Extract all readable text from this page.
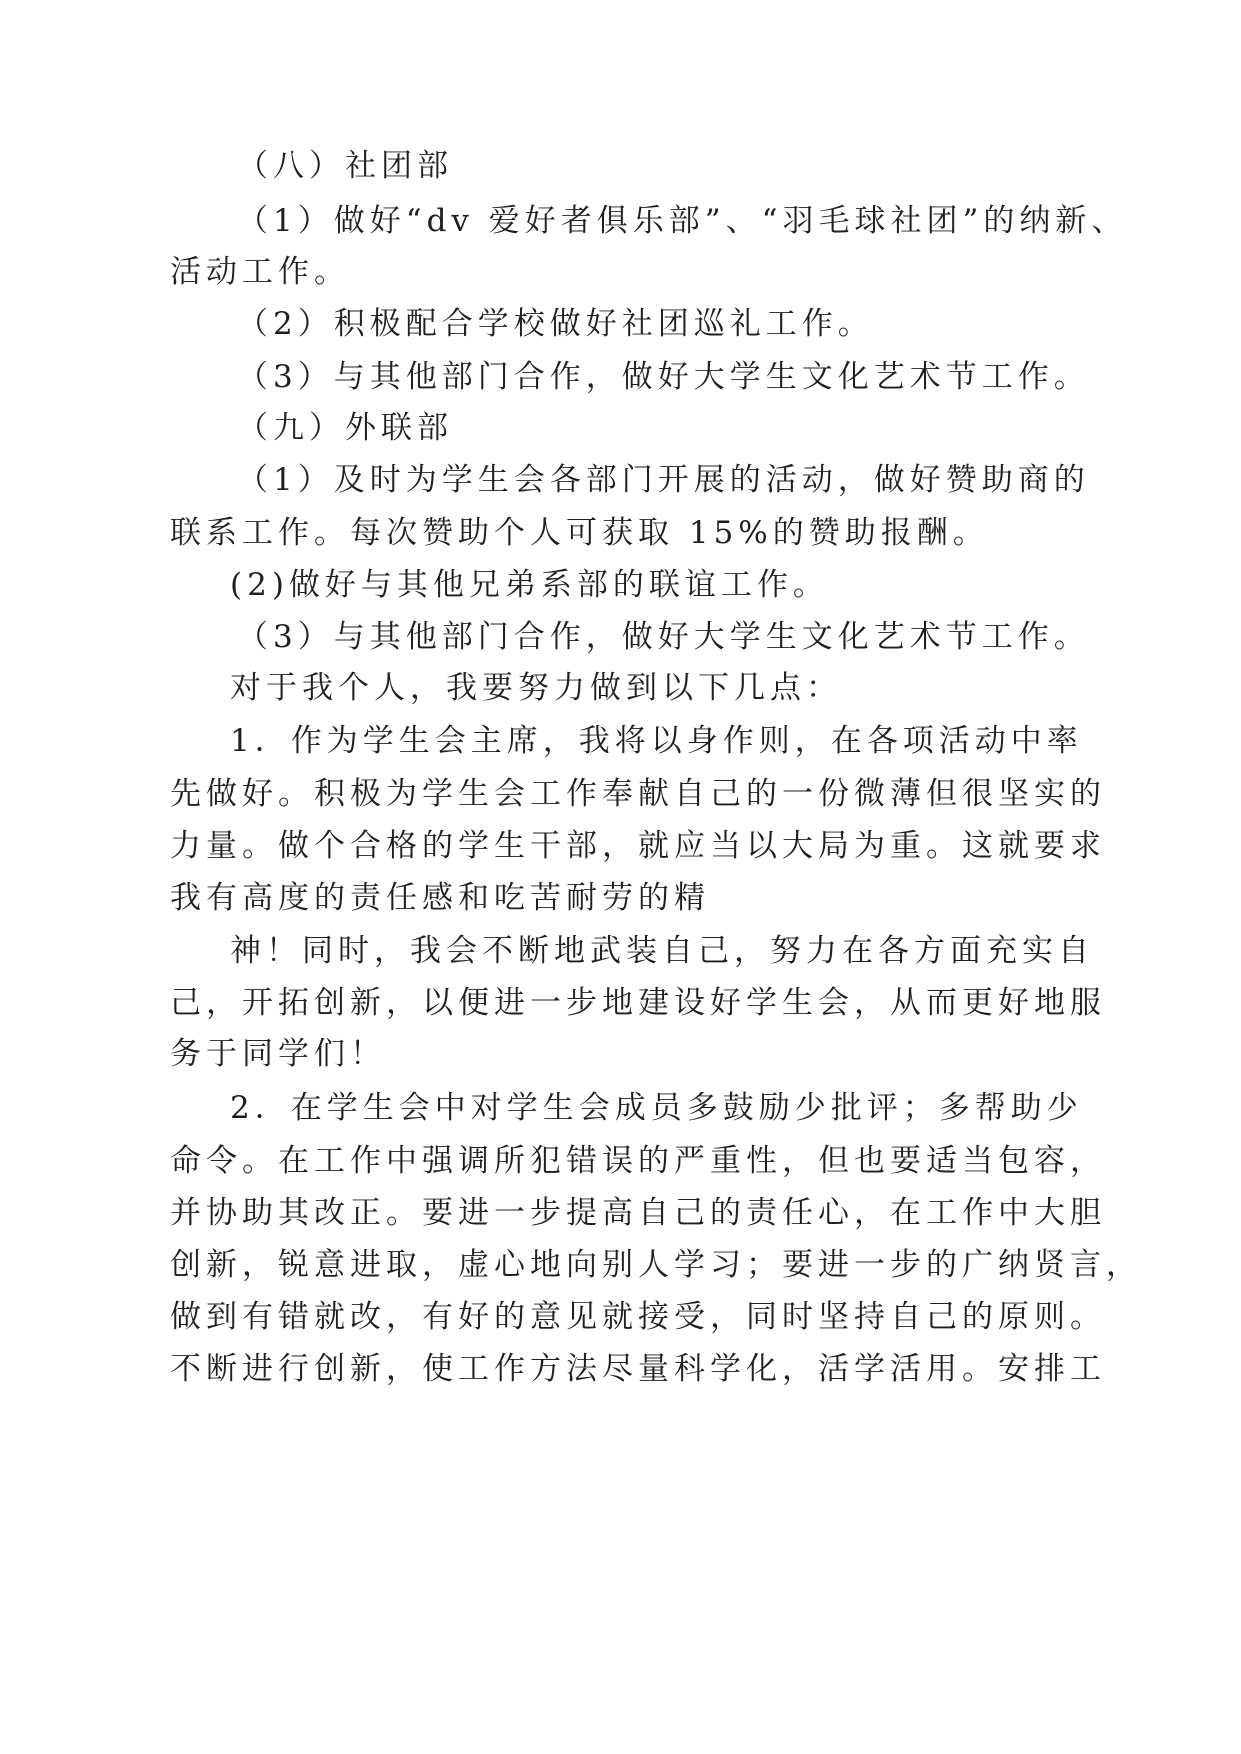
（八）社团部
（1）做好“dv 爱好者俱乐部”、“羽毛球社团”的纳新、
活动工作。
（2）积极配合学校做好社团巡礼工作。
（3）与其他部门合作，做好大学生文化艺术节工作。
（九）外联部
（1）及时为学生会各部门开展的活动，做好赞助商的
联系工作。每次赞助个人可获取 15%的赞助报酬。
(2)做好与其他兄弟系部的联谊工作。
（3）与其他部门合作，做好大学生文化艺术节工作。
对于我个人，我要努力做到以下几点：
1．作为学生会主席，我将以身作则，在各项活动中率
先做好。积极为学生会工作奉献自己的一份微薄但很坚实的
力量。做个合格的学生干部，就应当以大局为重。这就要求
我有高度的责任感和吃苦耐劳的精
神！同时，我会不断地武装自己，努力在各方面充实自
己，开拓创新，以便进一步地建设好学生会，从而更好地服
务于同学们！
2．在学生会中对学生会成员多鼓励少批评；多帮助少
命令。在工作中强调所犯错误的严重性，但也要适当包容，
并协助其改正。要进一步提高自己的责任心，在工作中大胆
创新，锐意进取，虚心地向别人学习；要进一步的广纳贤言，
做到有错就改，有好的意见就接受，同时坚持自己的原则。
不断进行创新，使工作方法尽量科学化，活学活用。安排工
